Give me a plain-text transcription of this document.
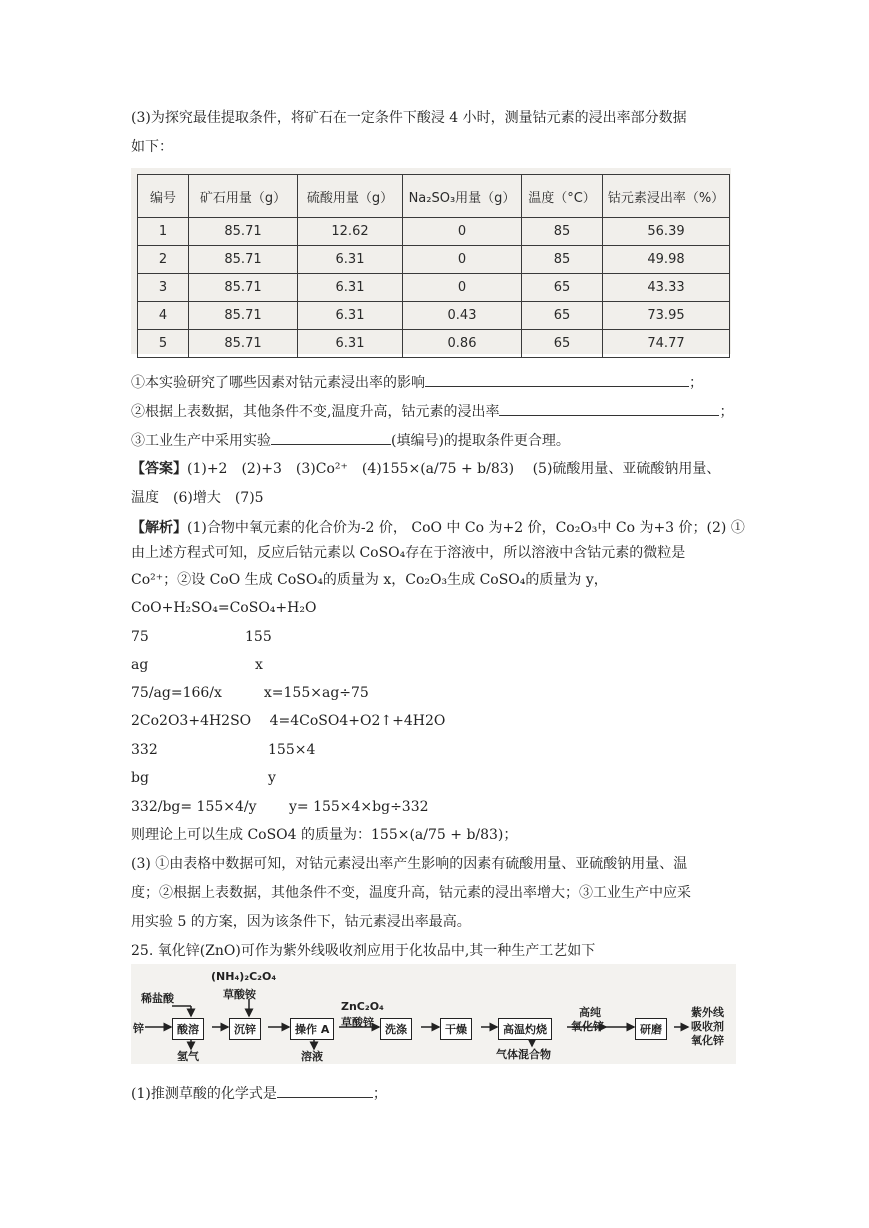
(3)为探究最佳提取条件，将矿石在一定条件下酸浸 4 小时，测量钴元素的浸出率部分数据
如下：
编号	矿石用量（g）	硫酸用量（g）	Na₂SO₃用量（g）	温度（°C）	钴元素浸出率（%）
1	85.71	12.62	0	85	56.39
2	85.71	6.31	0	85	49.98
3	85.71	6.31	0	65	43.33
4	85.71	6.31	0.43	65	73.95
5	85.71	6.31	0.86	65	74.77
①本实验研究了哪些因素对钴元素浸出率的影响	；
②根据上表数据，其他条件不变,温度升高，钴元素的浸出率	；
③工业生产中采用实验	(填编号)的提取条件更合理。
【答案】(1)+2　(2)+3　(3)Co²⁺　(4)155×(a/75 + b/83)　 (5)硫酸用量、亚硫酸钠用量、
温度　(6)增大　(7)5
【解析】(1)合物中氧元素的化合价为-2 价， CoO 中 Co 为+2 价，Co₂O₃中 Co 为+3 价；(2) ①
由上述方程式可知，反应后钴元素以 CoSO₄存在于溶液中，所以溶液中含钴元素的微粒是
Co²⁺；②设 CoO 生成 CoSO₄的质量为 x，Co₂O₃生成 CoSO₄的质量为 y，
CoO+H₂SO₄=CoSO₄+H₂O
75	155
ag	x
75/ag=166/x　　　x=155×ag÷75
2Co2O3+4H2SO　 4=4CoSO4+O2↑+4H2O
332	155×4
bg	y
332/bg= 155×4/y　　 y= 155×4×bg÷332
则理论上可以生成 CoSO4 的质量为：155×(a/75 + b/83)；
(3) ①由表格中数据可知，对钴元素浸出率产生影响的因素有硫酸用量、亚硫酸钠用量、温
度；②根据上表数据，其他条件不变，温度升高，钴元素的浸出率增大；③工业生产中应采
用实验 5 的方案，因为该条件下，钴元素浸出率最高。
25. 氧化锌(ZnO)可作为紫外线吸收剂应用于化妆品中,其一种生产工艺如下
锌
稀盐酸
(NH₄)₂C₂O₄
草酸铵
酸溶	沉锌	操作 A
ZnC₂O₄
草酸锌
洗涤	干燥	高温灼烧
高纯
氧化锌	研磨
紫外线
吸收剂
氧化锌
氢气	溶液	气体混合物
(1)推测草酸的化学式是	；
